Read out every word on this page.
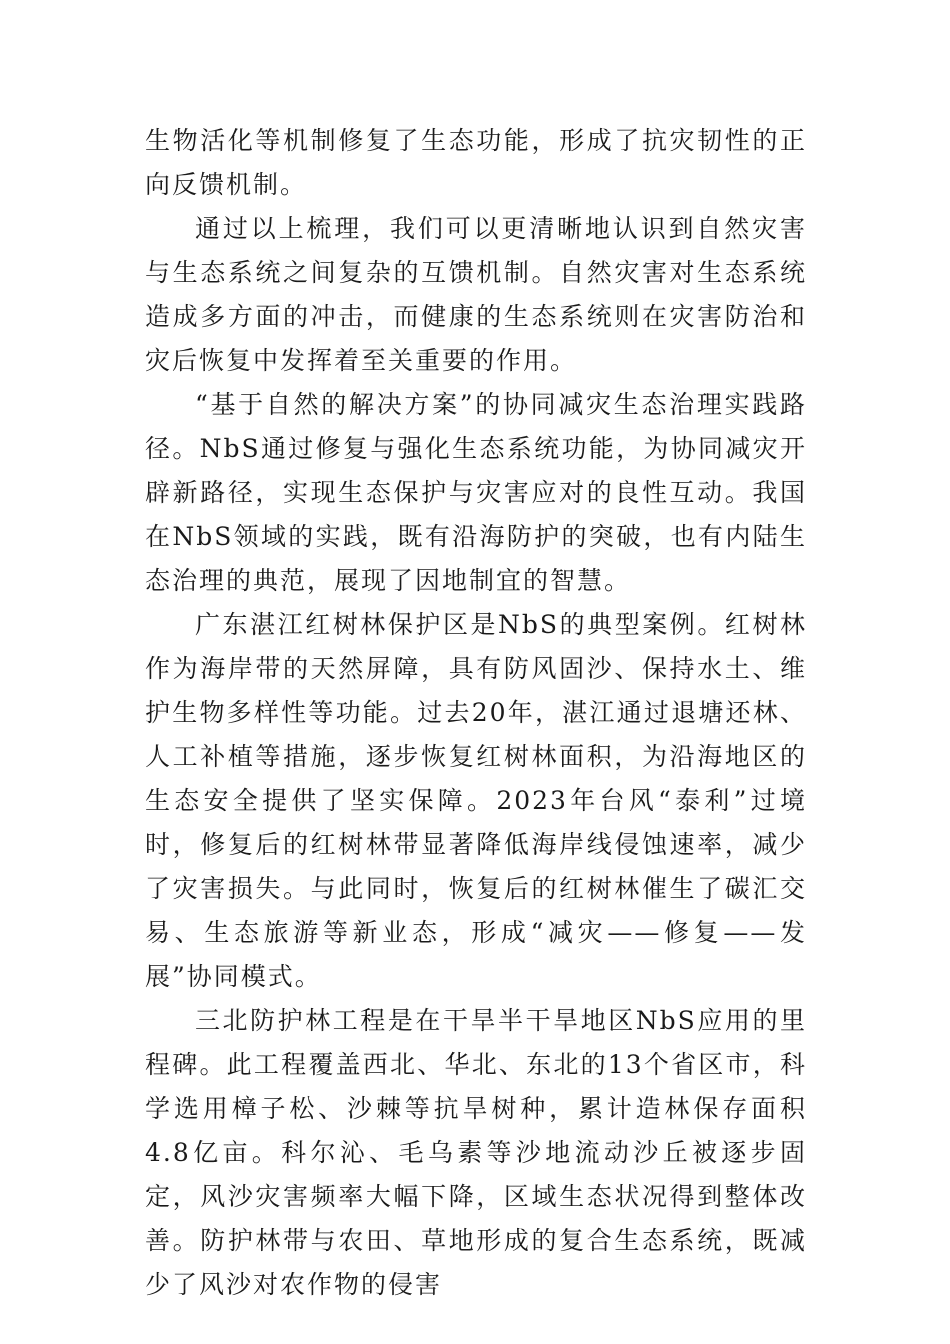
生物活化等机制修复了生态功能，形成了抗灾韧性的正向反馈机制。

通过以上梳理，我们可以更清晰地认识到自然灾害与生态系统之间复杂的互馈机制。自然灾害对生态系统造成多方面的冲击，而健康的生态系统则在灾害防治和灾后恢复中发挥着至关重要的作用。

“基于自然的解决方案”的协同减灾生态治理实践路径。NbS通过修复与强化生态系统功能，为协同减灾开辟新路径，实现生态保护与灾害应对的良性互动。我国在NbS领域的实践，既有沿海防护的突破，也有内陆生态治理的典范，展现了因地制宜的智慧。

广东湛江红树林保护区是NbS的典型案例。红树林作为海岸带的天然屏障，具有防风固沙、保持水土、维护生物多样性等功能。过去20年，湛江通过退塘还林、人工补植等措施，逐步恢复红树林面积，为沿海地区的生态安全提供了坚实保障。2023年台风“泰利”过境时，修复后的红树林带显著降低海岸线侵蚀速率，减少了灾害损失。与此同时，恢复后的红树林催生了碳汇交易、生态旅游等新业态，形成“减灾——修复——发展”协同模式。

三北防护林工程是在干旱半干旱地区NbS应用的里程碑。此工程覆盖西北、华北、东北的13个省区市，科学选用樟子松、沙棘等抗旱树种，累计造林保存面积4.8亿亩。科尔沁、毛乌素等沙地流动沙丘被逐步固定，风沙灾害频率大幅下降，区域生态状况得到整体改善。防护林带与农田、草地形成的复合生态系统，既减少了风沙对农作物的侵害
